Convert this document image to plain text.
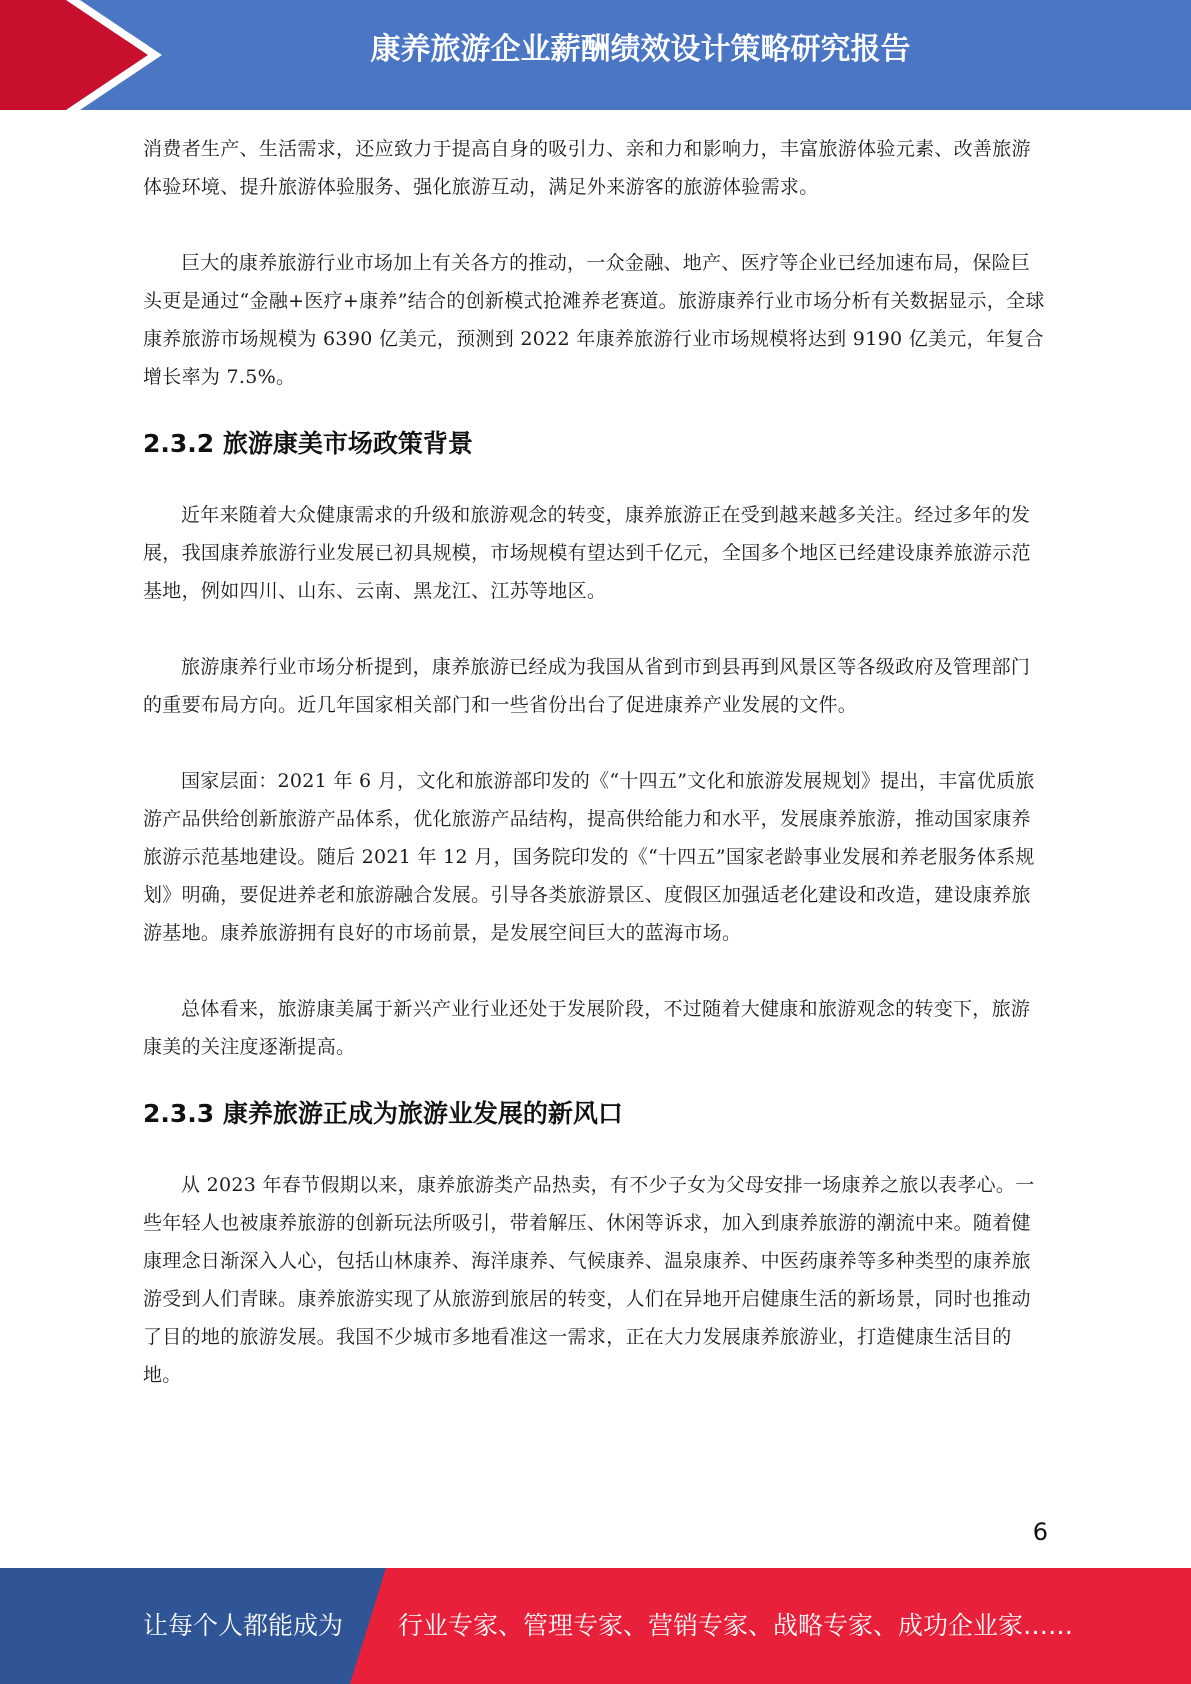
康养旅游企业薪酬绩效设计策略研究报告

消费者生产、生活需求，还应致力于提高自身的吸引力、亲和力和影响力，丰富旅游体验元素、改善旅游体验环境、提升旅游体验服务、强化旅游互动，满足外来游客的旅游体验需求。

巨大的康养旅游行业市场加上有关各方的推动，一众金融、地产、医疗等企业已经加速布局，保险巨头更是通过“金融+医疗+康养”结合的创新模式抢滩养老赛道。旅游康养行业市场分析有关数据显示，全球康养旅游市场规模为 6390 亿美元，预测到 2022 年康养旅游行业市场规模将达到 9190 亿美元，年复合增长率为 7.5%。

2.3.2 旅游康美市场政策背景

近年来随着大众健康需求的升级和旅游观念的转变，康养旅游正在受到越来越多关注。经过多年的发展，我国康养旅游行业发展已初具规模，市场规模有望达到千亿元，全国多个地区已经建设康养旅游示范基地，例如四川、山东、云南、黑龙江、江苏等地区。

旅游康养行业市场分析提到，康养旅游已经成为我国从省到市到县再到风景区等各级政府及管理部门的重要布局方向。近几年国家相关部门和一些省份出台了促进康养产业发展的文件。

国家层面：2021 年 6 月，文化和旅游部印发的《“十四五”文化和旅游发展规划》提出，丰富优质旅游产品供给创新旅游产品体系，优化旅游产品结构，提高供给能力和水平，发展康养旅游，推动国家康养旅游示范基地建设。随后 2021 年 12 月，国务院印发的《“十四五”国家老龄事业发展和养老服务体系规划》明确，要促进养老和旅游融合发展。引导各类旅游景区、度假区加强适老化建设和改造，建设康养旅游基地。康养旅游拥有良好的市场前景，是发展空间巨大的蓝海市场。

总体看来，旅游康美属于新兴产业行业还处于发展阶段，不过随着大健康和旅游观念的转变下，旅游康美的关注度逐渐提高。

2.3.3 康养旅游正成为旅游业发展的新风口

从 2023 年春节假期以来，康养旅游类产品热卖，有不少子女为父母安排一场康养之旅以表孝心。一些年轻人也被康养旅游的创新玩法所吸引，带着解压、休闲等诉求，加入到康养旅游的潮流中来。随着健康理念日渐深入人心，包括山林康养、海洋康养、气候康养、温泉康养、中医药康养等多种类型的康养旅游受到人们青睐。康养旅游实现了从旅游到旅居的转变，人们在异地开启健康生活的新场景，同时也推动了目的地的旅游发展。我国不少城市多地看准这一需求，正在大力发展康养旅游业，打造健康生活目的地。

6
让每个人都能成为 行业专家、管理专家、营销专家、战略专家、成功企业家……
